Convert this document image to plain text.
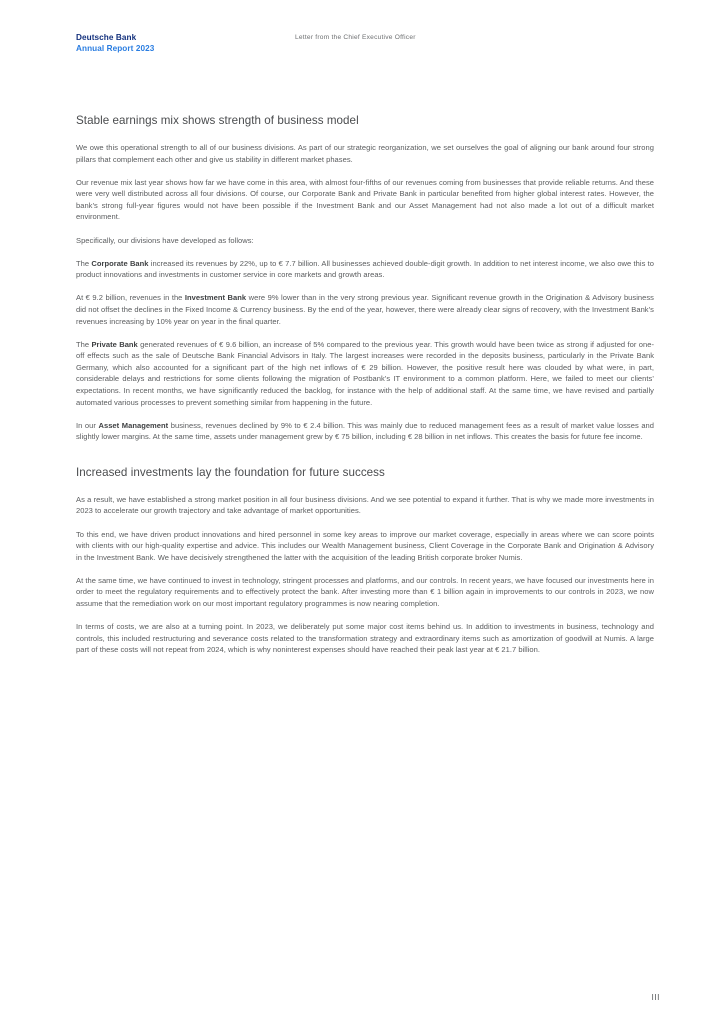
Deutsche Bank
Annual Report 2023
Letter from the Chief Executive Officer
Stable earnings mix shows strength of business model

We owe this operational strength to all of our business divisions. As part of our strategic reorganization, we set ourselves the goal of aligning our bank around four strong pillars that complement each other and give us stability in different market phases.

Our revenue mix last year shows how far we have come in this area, with almost four-fifths of our revenues coming from businesses that provide reliable returns. And these were very well distributed across all four divisions. Of course, our Corporate Bank and Private Bank in particular benefited from higher global interest rates. However, the bank’s strong full-year figures would not have been possible if the Investment Bank and our Asset Management had not also made a lot out of a difficult market environment.

Specifically, our divisions have developed as follows:

The Corporate Bank increased its revenues by 22%, up to € 7.7 billion. All businesses achieved double-digit growth. In addition to net interest income, we also owe this to product innovations and investments in customer service in core markets and growth areas.

At € 9.2 billion, revenues in the Investment Bank were 9% lower than in the very strong previous year. Significant revenue growth in the Origination & Advisory business did not offset the declines in the Fixed Income & Currency business. By the end of the year, however, there were already clear signs of recovery, with the Investment Bank’s revenues increasing by 10% year on year in the final quarter.

The Private Bank generated revenues of € 9.6 billion, an increase of 5% compared to the previous year. This growth would have been twice as strong if adjusted for one-off effects such as the sale of Deutsche Bank Financial Advisors in Italy. The largest increases were recorded in the deposits business, particularly in the Private Bank Germany, which also accounted for a significant part of the high net inflows of € 29 billion. However, the positive result here was clouded by what were, in part, considerable delays and restrictions for some clients following the migration of Postbank’s IT environment to a common platform. Here, we failed to meet our clients’ expectations. In recent months, we have significantly reduced the backlog, for instance with the help of additional staff. At the same time, we have revised and partially automated various processes to prevent something similar from happening in the future.

In our Asset Management business, revenues declined by 9% to € 2.4 billion. This was mainly due to reduced management fees as a result of market value losses and slightly lower margins. At the same time, assets under management grew by € 75 billion, including € 28 billion in net inflows. This creates the basis for future fee income.

Increased investments lay the foundation for future success

As a result, we have established a strong market position in all four business divisions. And we see potential to expand it further. That is why we made more investments in 2023 to accelerate our growth trajectory and take advantage of market opportunities.

To this end, we have driven product innovations and hired personnel in some key areas to improve our market coverage, especially in areas where we can score points with clients with our high-quality expertise and advice. This includes our Wealth Management business, Client Coverage in the Corporate Bank and Origination & Advisory in the Investment Bank. We have decisively strengthened the latter with the acquisition of the leading British corporate broker Numis.

At the same time, we have continued to invest in technology, stringent processes and platforms, and our controls. In recent years, we have focused our investments here in order to meet the regulatory requirements and to effectively protect the bank. After investing more than € 1 billion again in improvements to our controls in 2023, we now assume that the remediation work on our most important regulatory programmes is now nearing completion.

In terms of costs, we are also at a turning point. In 2023, we deliberately put some major cost items behind us. In addition to investments in business, technology and controls, this included restructuring and severance costs related to the transformation strategy and extraordinary items such as amortization of goodwill at Numis. A large part of these costs will not repeat from 2024, which is why noninterest expenses should have reached their peak last year at € 21.7 billion.

III
